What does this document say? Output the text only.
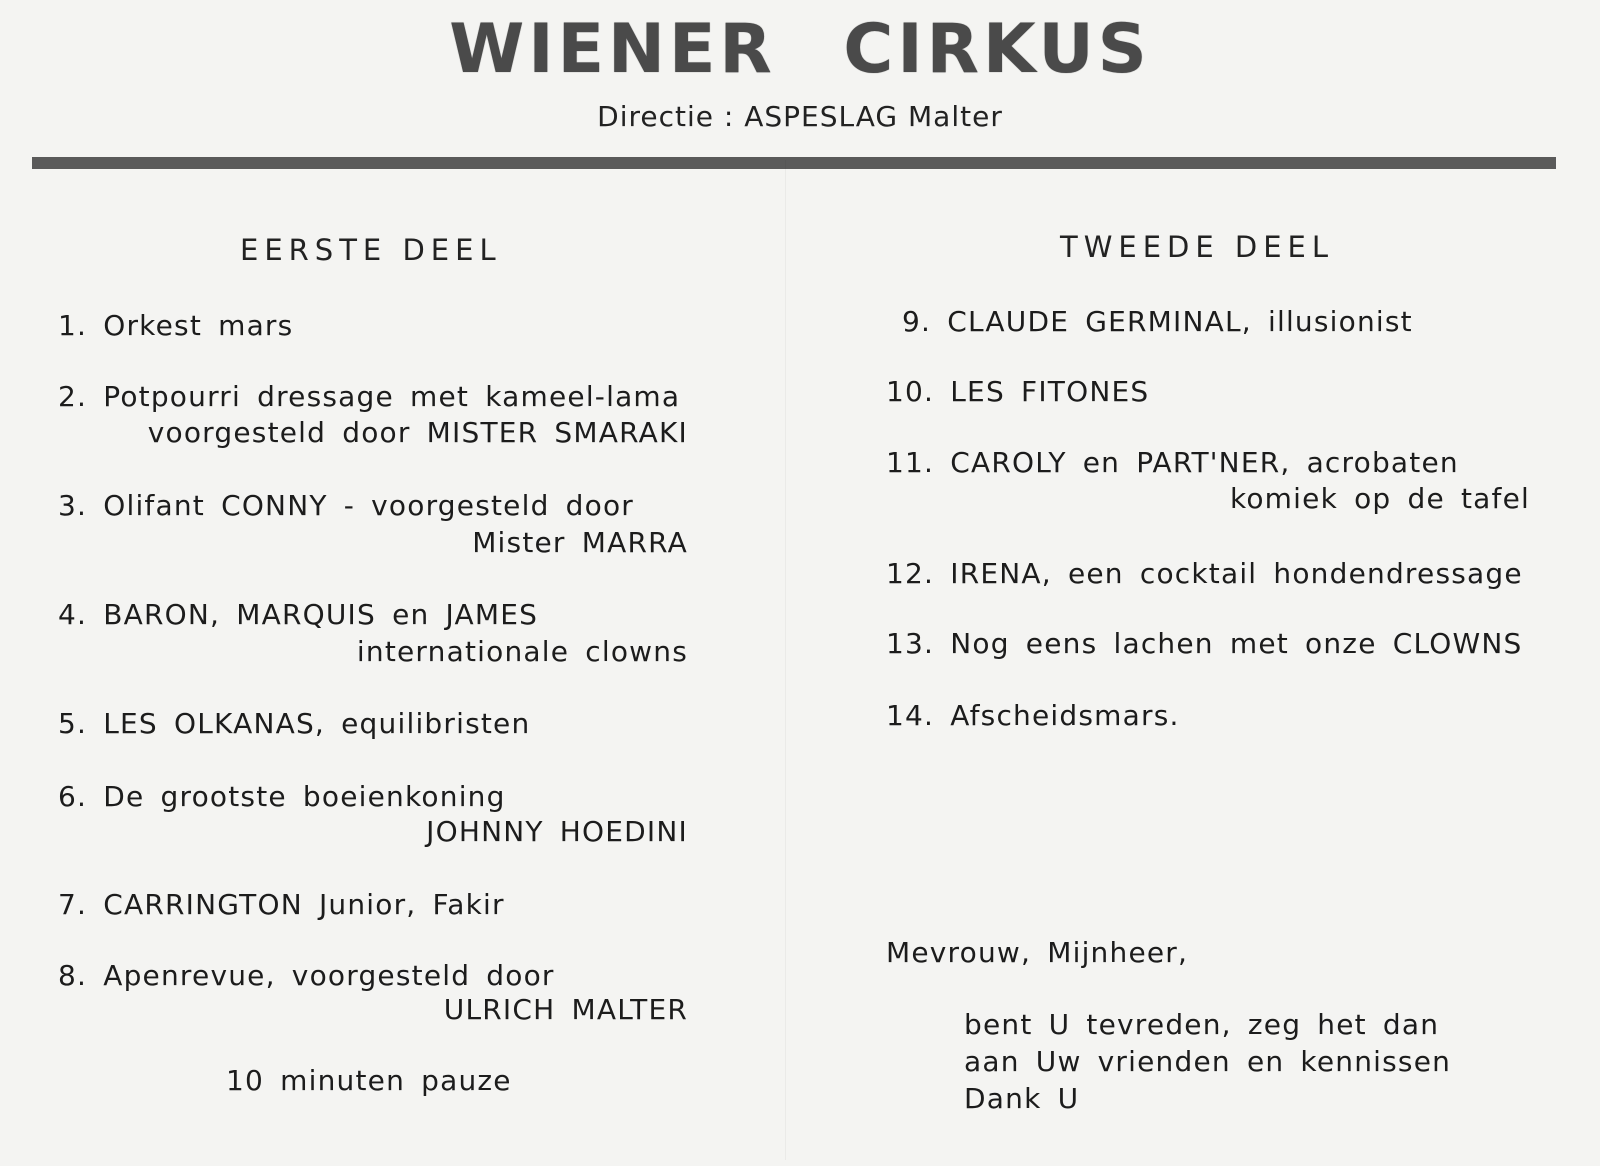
WIENER CIRKUS
Directie : ASPESLAG Malter
EERSTE DEEL
1. Orkest mars
2. Potpourri dressage met kameel-lama
voorgesteld door MISTER SMARAKI
3. Olifant CONNY - voorgesteld door
Mister MARRA
4. BARON, MARQUIS en JAMES
internationale clowns
5. LES OLKANAS, equilibristen
6. De grootste boeienkoning
JOHNNY HOEDINI
7. CARRINGTON Junior, Fakir
8. Apenrevue, voorgesteld door
ULRICH MALTER
10 minuten pauze
TWEEDE DEEL
9. CLAUDE GERMINAL, illusionist
10. LES FITONES
11. CAROLY en PART'NER, acrobaten
komiek op de tafel
12. IRENA, een cocktail hondendressage
13. Nog eens lachen met onze CLOWNS
14. Afscheidsmars.
Mevrouw, Mijnheer,
bent U tevreden, zeg het dan
aan Uw vrienden en kennissen
Dank U
